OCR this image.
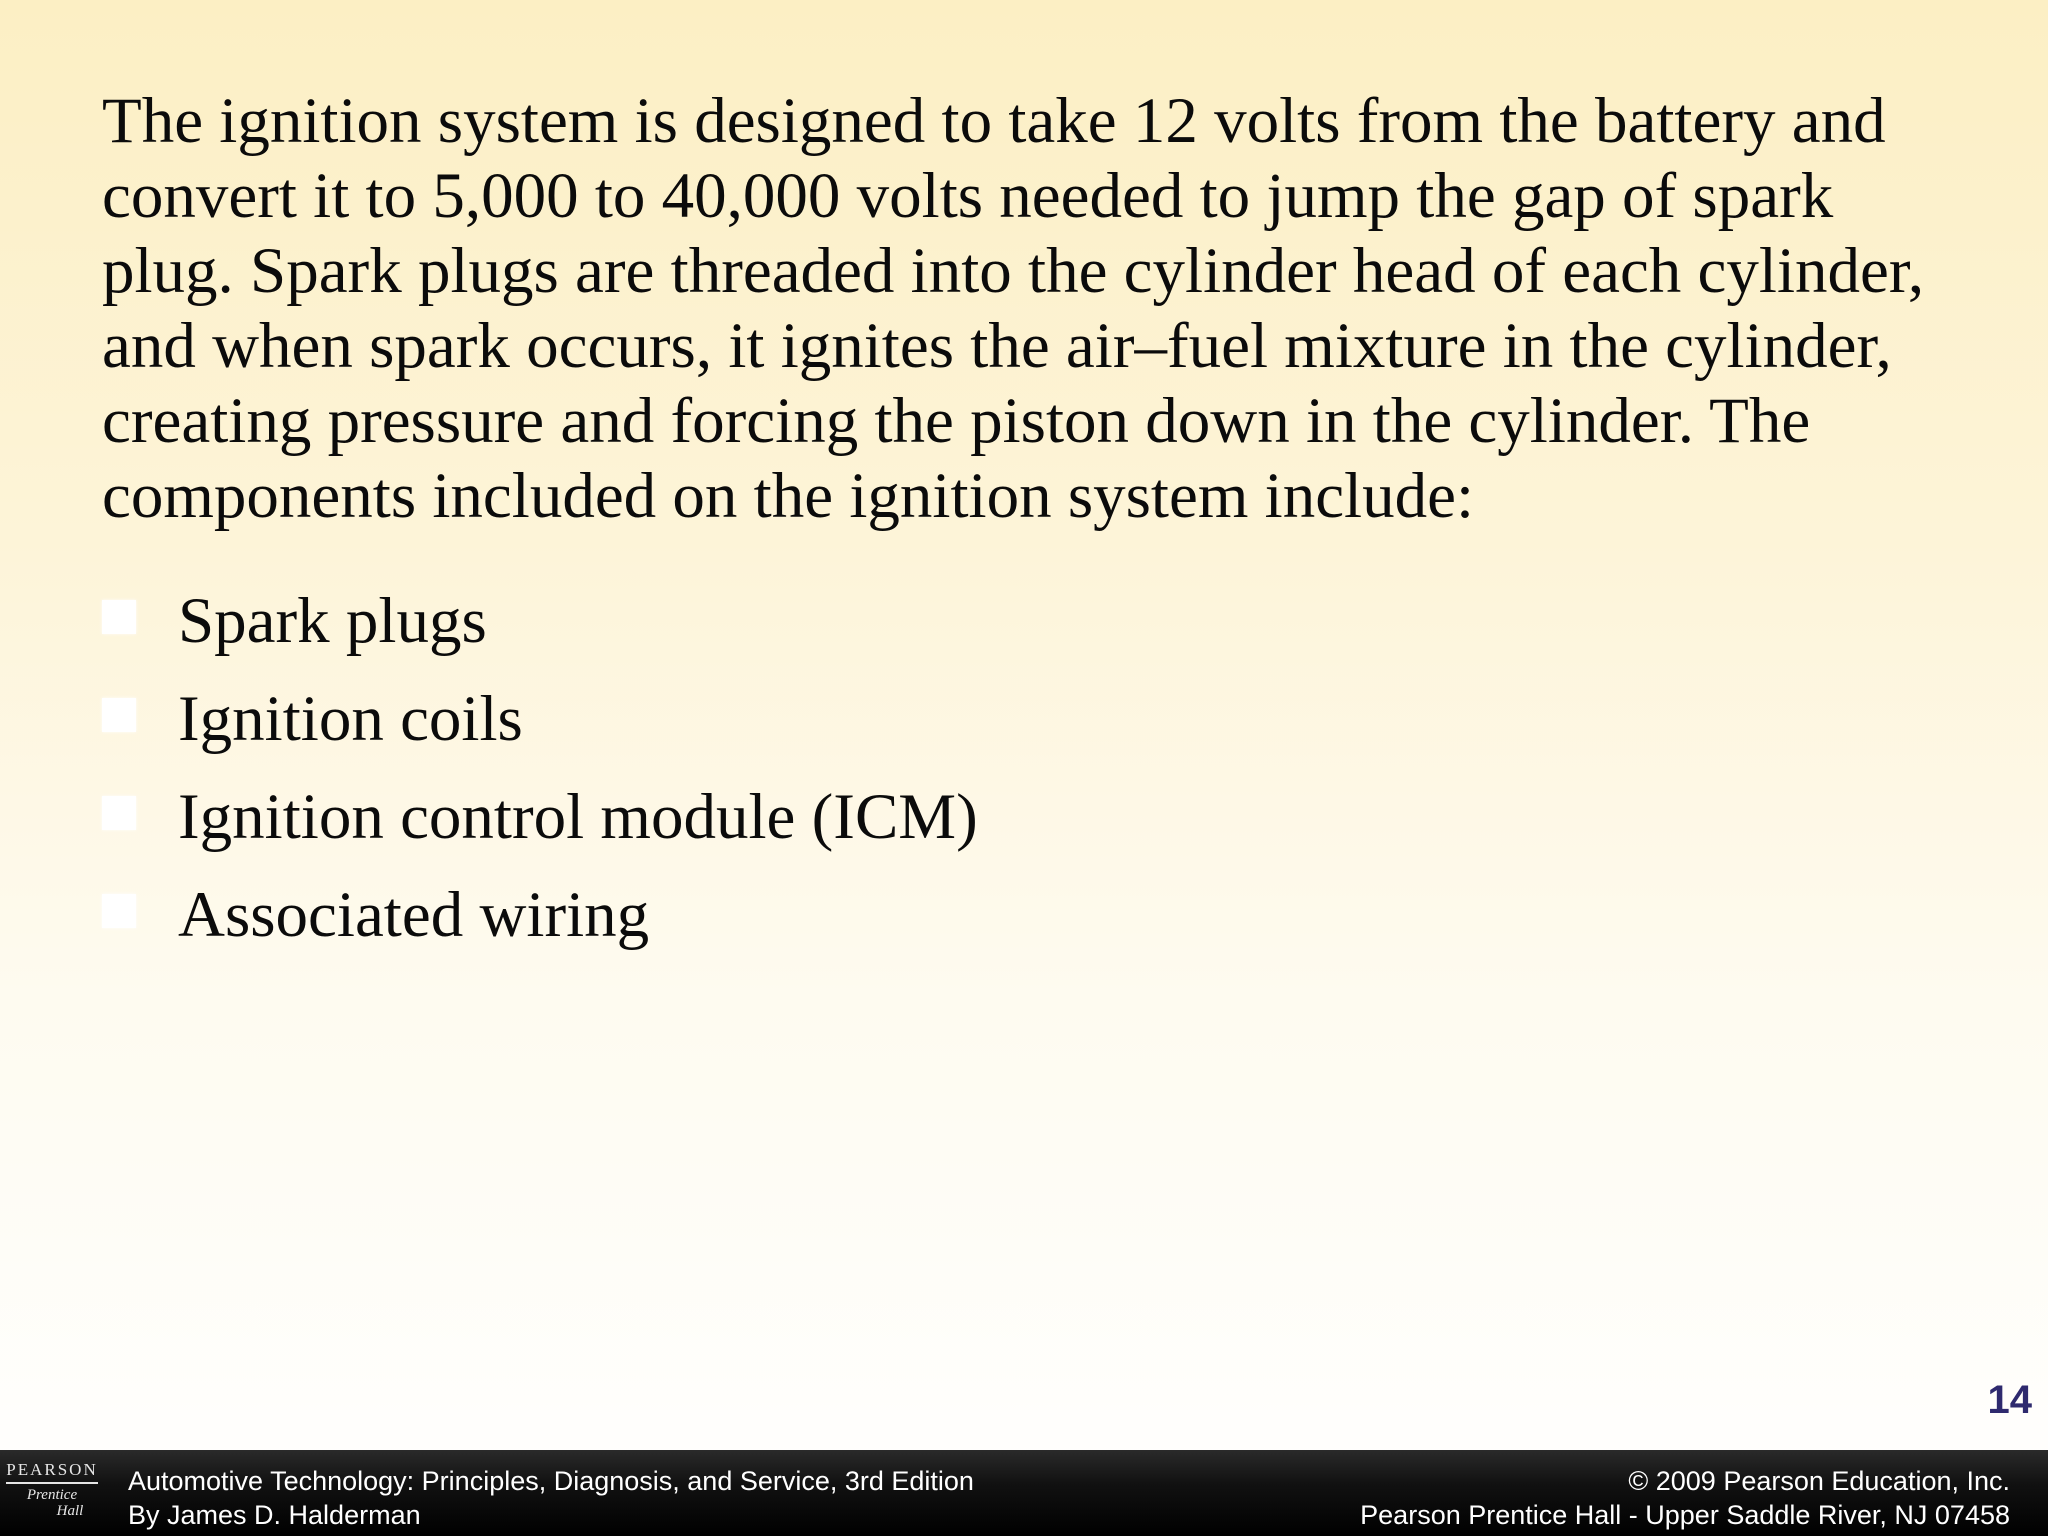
The ignition system is designed to take 12 volts from the battery and convert it to 5,000 to 40,000 volts needed to jump the gap of spark plug. Spark plugs are threaded into the cylinder head of each cylinder, and when spark occurs, it ignites the air–fuel mixture in the cylinder, creating pressure and forcing the piston down in the cylinder. The components included on the ignition system include:

Spark plugs
Ignition coils
Ignition control module (ICM)
Associated wiring
14
PEARSON
Prentice
Hall
Automotive Technology: Principles, Diagnosis, and Service, 3rd Edition
By James D. Halderman
© 2009 Pearson Education, Inc.
Pearson Prentice Hall - Upper Saddle River, NJ 07458
